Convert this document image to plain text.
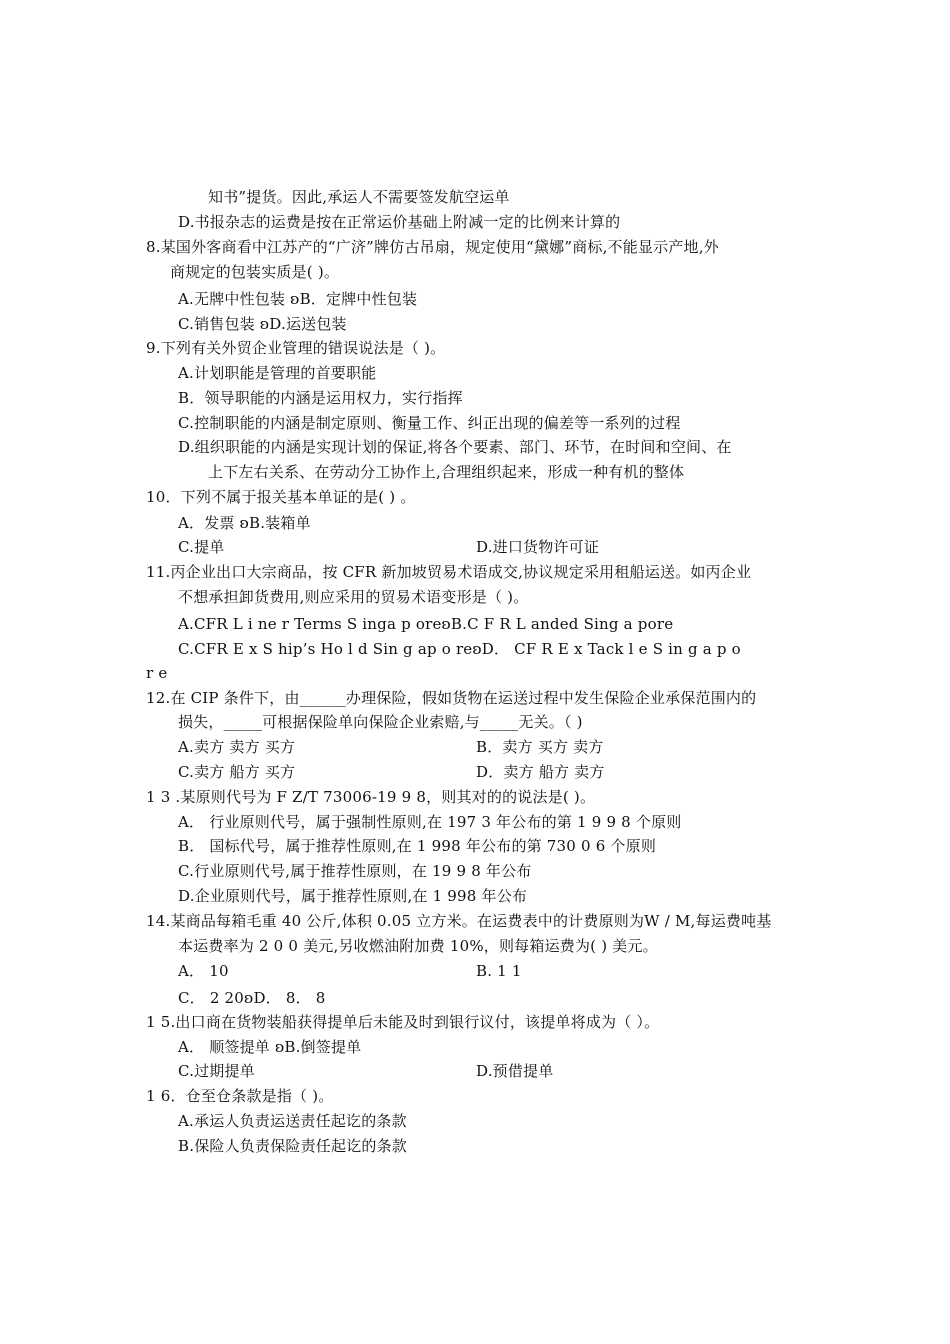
知书”提货。因此,承运人不需要签发航空运单
D.书报杂志的运费是按在正常运价基础上附减一定的比例来计算的
8.某国外客商看中江苏产的“广济”牌仿古吊扇，规定使用“黛娜”商标,不能显示产地,外
商规定的包装实质是( )。
A.无牌中性包装 ʚB．定牌中性包装
C.销售包装 ʚD.运送包装
9.下列有关外贸企业管理的错误说法是（ )。
A.计划职能是管理的首要职能
B．领导职能的内涵是运用权力，实行指挥
C.控制职能的内涵是制定原则、衡量工作、纠正出现的偏差等一系列的过程
D.组织职能的内涵是实现计划的保证,将各个要素、部门、环节，在时间和空间、在
上下左右关系、在劳动分工协作上,合理组织起来，形成一种有机的整体
10．下列不属于报关基本单证的是( ) 。
A．发票 ʚB.装箱单
C.提单	D.进口货物许可证
11.丙企业出口大宗商品，按 CFR 新加坡贸易术语成交,协议规定采用租船运送。如丙企业
不想承担卸货费用,则应采用的贸易术语变形是（ )。
A.CFR L i ne r Terms S inga p oreʚB.C F R L anded Sing a pore
C.CFR E x S hip’s Ho l d Sin g ap o reʚD． CF R E x Tack l e S in g a p o
r e
12.在 CIP 条件下，由______办理保险，假如货物在运送过程中发生保险企业承保范围内的
损失，_____可根据保险单向保险企业索赔,与_____无关。（ )
A.卖方 卖方 买方	B．卖方 买方 卖方
C.卖方 船方 买方	D．卖方 船方 卖方
1 3 .某原则代号为 F Z/T 73006-19 9 8，则其对的的说法是( )。
A． 行业原则代号，属于强制性原则,在 197 3 年公布的第 1 9 9 8 个原则
B． 国标代号，属于推荐性原则,在 1 998 年公布的第 730 0 6 个原则
C.行业原则代号,属于推荐性原则，在 19 9 8 年公布
D.企业原则代号，属于推荐性原则,在 1 998 年公布
14.某商品每箱毛重 40 公斤,体积 0.05 立方米。在运费表中的计费原则为W / M,每运费吨基
本运费率为 2 0 0 美元,另收燃油附加费 10%，则每箱运费为( ) 美元。
A． 10	B. 1 1
C． 2 20ʚD． 8． 8
1 5.出口商在货物装船获得提单后未能及时到银行议付，该提单将成为（ ）。
A． 顺签提单 ʚB.倒签提单
C.过期提单	D.预借提单
1 6．仓至仓条款是指（ )。
A.承运人负责运送责任起讫的条款
B.保险人负责保险责任起讫的条款
